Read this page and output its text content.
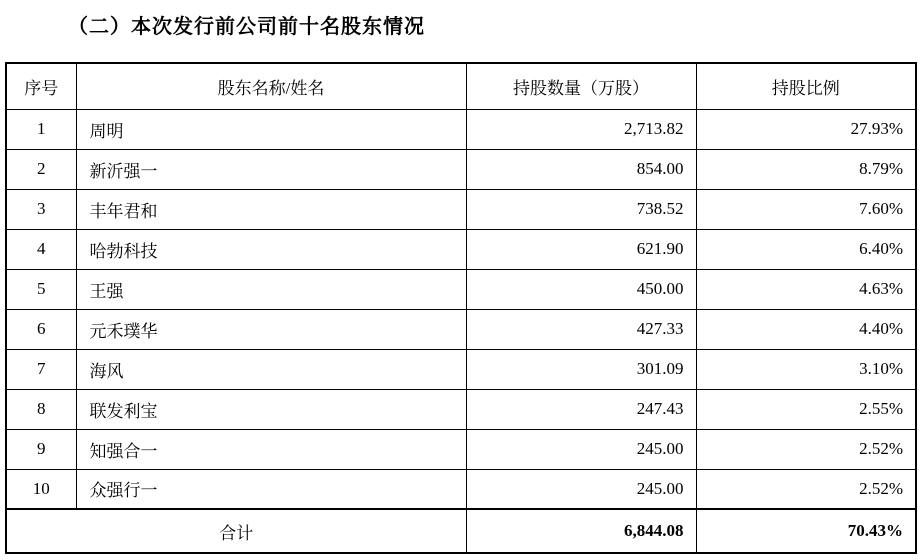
（二）本次发行前公司前十名股东情况
序号	股东名称/姓名	持股数量（万股）	持股比例
1	周明	2,713.82	27.93%
2	新沂强一	854.00	8.79%
3	丰年君和	738.52	7.60%
4	哈勃科技	621.90	6.40%
5	王强	450.00	4.63%
6	元禾璞华	427.33	4.40%
7	海风	301.09	3.10%
8	联发利宝	247.43	2.55%
9	知强合一	245.00	2.52%
10	众强行一	245.00	2.52%
合计		6,844.08	70.43%
